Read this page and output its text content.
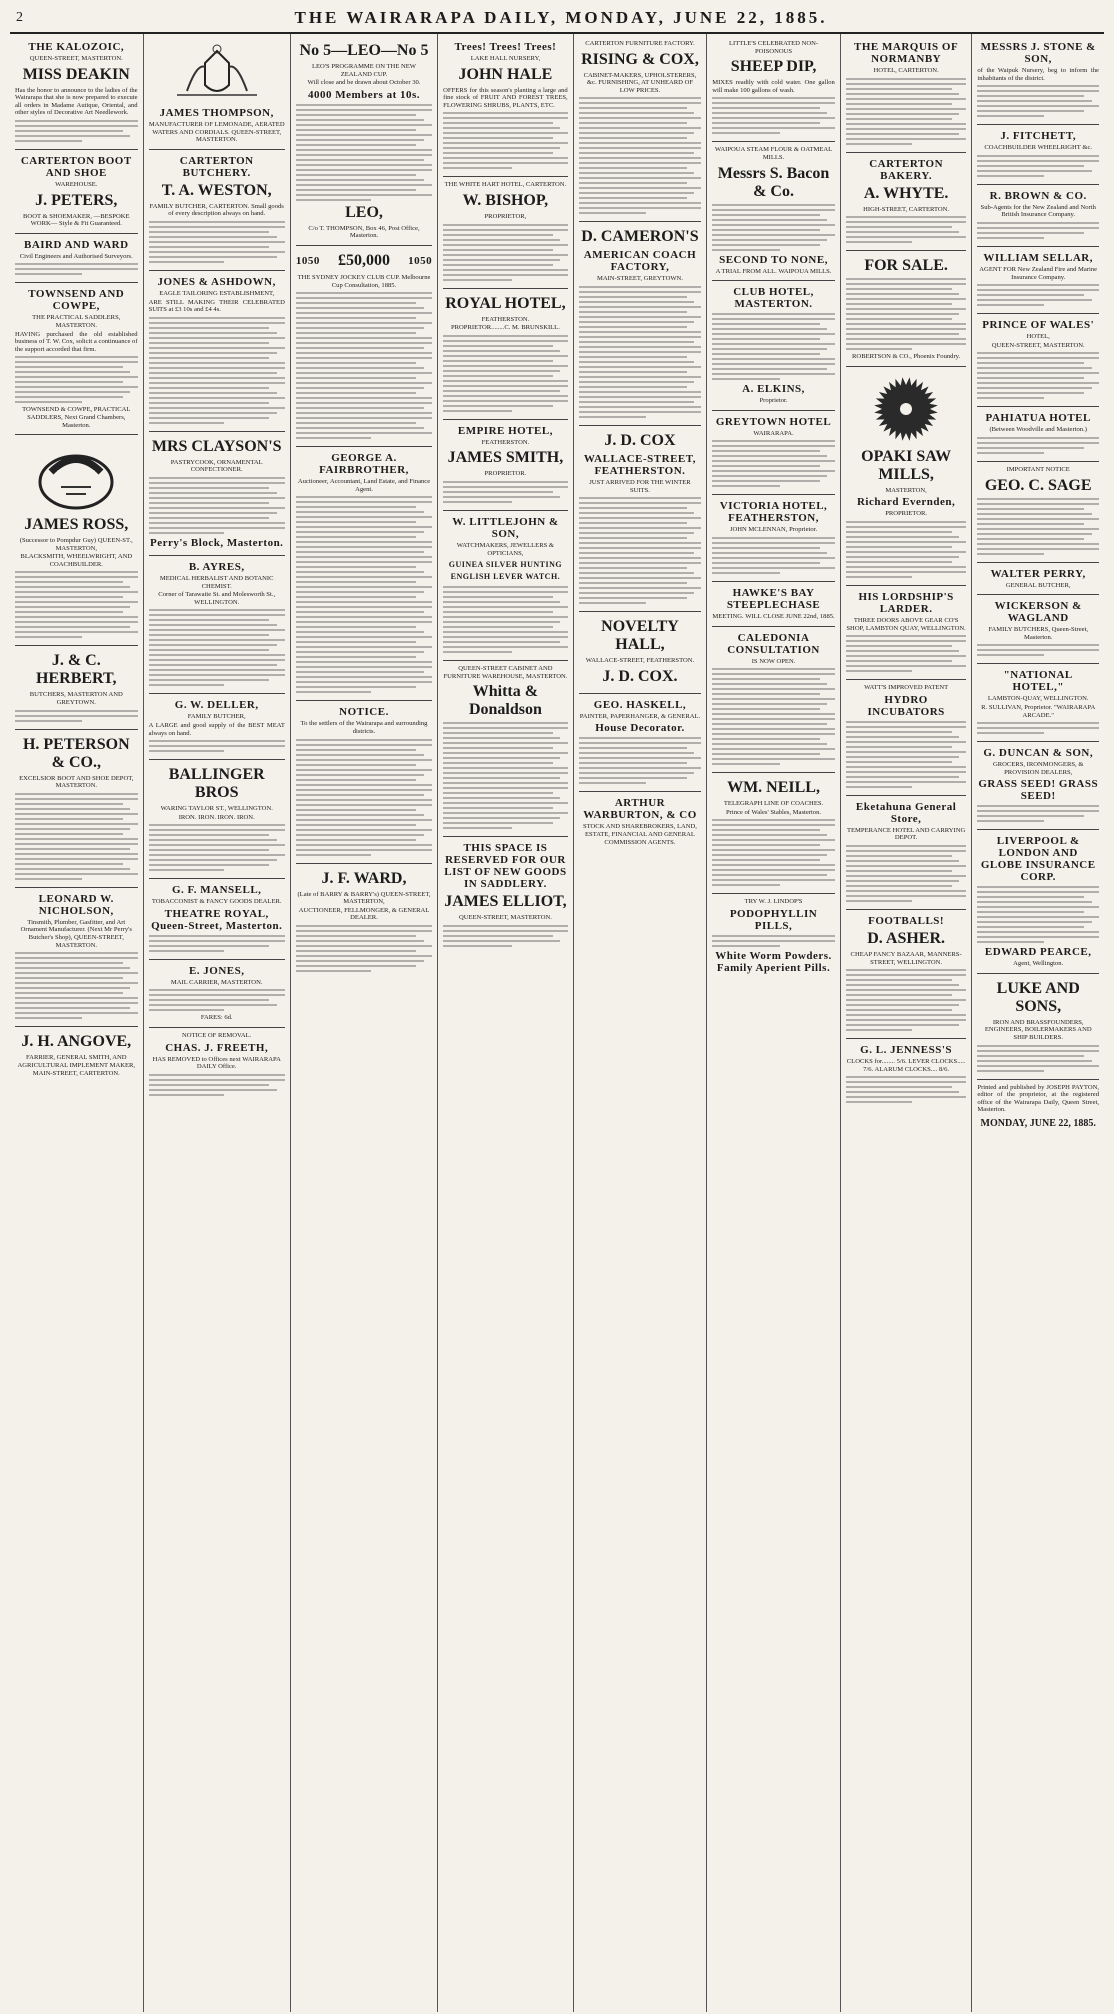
2	THE WAIRARAPA DAILY, MONDAY, JUNE 22, 1885.
THE KALOZOIC,
QUEEN-STREET, MASTERTON.
MISS DEAKIN
Has the honor to announce to the ladies of the Wairarapa that she is now prepared to execute all orders in Madame Autique, Oriental, and other styles of Decorative Art Needlework.
CARTERTON BOOT AND SHOE
WAREHOUSE.
J. PETERS,
BOOT & SHOEMAKER, —BESPOKE WORK— Style & Fit Guaranteed.
BAIRD AND WARD
Civil Engineers and Authorised Surveyors.
TOWNSEND AND COWPE,
THE PRACTICAL SADDLERS, MASTERTON.
HAVING purchased the old established business of T. W. Cox, solicit a continuance of the support accorded that firm.
TOWNSEND & COWPE, PRACTICAL SADDLERS, Next Grand Chambers, Masterton.
JAMES ROSS,
(Successor to Pompdur Guy) QUEEN-ST., MASTERTON,
BLACKSMITH, WHEELWRIGHT, AND COACHBUILDER.
J. & C. HERBERT,
BUTCHERS, MASTERTON AND GREYTOWN.
H. PETERSON & CO.,
EXCELSIOR BOOT AND SHOE DEPOT, MASTERTON.
LEONARD W. NICHOLSON,
Tinsmith, Plumber, Gasfitter, and Art Ornament Manufacturer. (Next Mr Perry's Butcher's Shop), QUEEN-STREET, MASTERTON.
J. H. ANGOVE,
FARRIER, GENERAL SMITH, AND AGRICULTURAL IMPLEMENT MAKER,
MAIN-STREET, CARTERTON.
JAMES THOMPSON,
MANUFACTURER OF LEMONADE, AERATED WATERS AND CORDIALS. QUEEN-STREET, MASTERTON.
CARTERTON BUTCHERY.
T. A. WESTON,
FAMILY BUTCHER, CARTERTON. Small goods of every description always on hand.
JONES & ASHDOWN,
EAGLE TAILORING ESTABLISHMENT,
ARE STILL MAKING THEIR CELEBRATED SUITS at £3 10s and £4 4s.
MRS CLAYSON'S
PASTRYCOOK, ORNAMENTAL CONFECTIONER.
Perry's Block, Masterton.
B. AYRES,
MEDICAL HERBALIST AND BOTANIC CHEMIST.
Corner of Tarawaite St. and Molesworth St., WELLINGTON.
G. W. DELLER,
FAMILY BUTCHER,
A LARGE and good supply of the BEST MEAT always on hand.
BALLINGER BROS
WARING TAYLOR ST., WELLINGTON.
IRON. IRON. IRON. IRON.
G. F. MANSELL,
TOBACCONIST & FANCY GOODS DEALER.
THEATRE ROYAL, Queen-Street, Masterton.
E. JONES,
MAIL CARRIER, MASTERTON.
FARES: 6d.
NOTICE OF REMOVAL.
CHAS. J. FREETH,
HAS REMOVED to Offices next WAIRARAPA DAILY Office.
No 5—LEO—No 5
LEO'S PROGRAMME ON THE NEW ZEALAND CUP.
Will close and be drawn about October 30.
4000 Members at 10s.
LEO,
C/o T. THOMPSON, Box 46, Post Office, Masterton.
1050 £50,000 1050
THE SYDNEY JOCKEY CLUB CUP. Melbourne Cup Consultation, 1885.
GEORGE A. FAIRBROTHER,
Auctioneer, Accountant, Land Estate, and Finance Agent.
NOTICE.
To the settlers of the Wairarapa and surrounding districts.
J. F. WARD,
(Late of BARRY & BARRY's) QUEEN-STREET, MASTERTON,
AUCTIONEER, FELLMONGER, & GENERAL DEALER.
Trees! Trees! Trees!
LAKE HALL NURSERY,
JOHN HALE
OFFERS for this season's planting a large and fine stock of FRUIT AND FOREST TREES, FLOWERING SHRUBS, PLANTS, ETC.
THE WHITE HART HOTEL, CARTERTON.
W. BISHOP,
PROPRIETOR,
ROYAL HOTEL,
FEATHERSTON.
PROPRIETOR........C. M. BRUNSKILL.
EMPIRE HOTEL,
FEATHERSTON.
JAMES SMITH,
PROPRIETOR.
W. LITTLEJOHN & SON,
WATCHMAKERS, JEWELLERS & OPTICIANS,
GUINEA SILVER HUNTING ENGLISH LEVER WATCH.
QUEEN-STREET CABINET AND FURNITURE WAREHOUSE, MASTERTON.
Whitta & Donaldson
THIS SPACE IS RESERVED FOR OUR LIST OF NEW GOODS IN SADDLERY.
JAMES ELLIOT,
QUEEN-STREET, MASTERTON.
CARTERTON FURNITURE FACTORY.
RISING & COX,
CABINET-MAKERS, UPHOLSTERERS, &c. FURNISHING, AT UNHEARD OF LOW PRICES.
D. CAMERON'S
AMERICAN COACH FACTORY,
MAIN-STREET, GREYTOWN.
J. D. COX
WALLACE-STREET, FEATHERSTON.
JUST ARRIVED FOR THE WINTER SUITS.
NOVELTY HALL,
WALLACE-STREET, FEATHERSTON.
J. D. COX.
GEO. HASKELL,
PAINTER, PAPERHANGER, & GENERAL.
House Decorator.
ARTHUR WARBURTON, & CO
STOCK AND SHAREBROKERS, LAND, ESTATE, FINANCIAL AND GENERAL COMMISSION AGENTS.
LITTLE'S CELEBRATED NON-POISONOUS
SHEEP DIP,
MIXES readily with cold water. One gallon will make 100 gallons of wash.
WAIPOUA STEAM FLOUR & OATMEAL MILLS.
Messrs S. Bacon & Co.
SECOND TO NONE,
A TRIAL FROM ALL. WAIPOUA MILLS.
CLUB HOTEL, MASTERTON.
A. ELKINS,
Proprietor.
GREYTOWN HOTEL
WAIRARAPA.
VICTORIA HOTEL, FEATHERSTON,
JOHN MCLENNAN, Proprietor.
HAWKE'S BAY STEEPLECHASE
MEETING. WILL CLOSE JUNE 22nd, 1885.
CALEDONIA CONSULTATION
IS NOW OPEN.
WM. NEILL,
TELEGRAPH LINE OF COACHES.
Prince of Wales' Stables, Masterton.
TRY W. J. LINDOP'S
PODOPHYLLIN PILLS,
White Worm Powders. Family Aperient Pills.
THE MARQUIS OF NORMANBY
HOTEL, CARTERTON.
CARTERTON BAKERY.
A. WHYTE.
HIGH-STREET, CARTERTON.
FOR SALE.
ROBERTSON & CO., Phoenix Foundry.
OPAKI SAW MILLS,
MASTERTON,
Richard Evernden,
PROPRIETOR.
HIS LORDSHIP'S LARDER.
THREE DOORS ABOVE GEAR CO'S SHOP, LAMBTON QUAY, WELLINGTON.
WATT'S IMPROVED PATENT
HYDRO INCUBATORS
Eketahuna General Store,
TEMPERANCE HOTEL AND CARRYING DEPOT.
FOOTBALLS!
D. ASHER.
CHEAP FANCY BAZAAR, MANNERS-STREET, WELLINGTON.
G. L. JENNESS'S
CLOCKS for........ 5/6. LEVER CLOCKS..... 7/6. ALARUM CLOCKS.... 8/6.
MESSRS J. STONE & SON,
of the Waipuk Nursery, beg to inform the inhabitants of the district.
J. FITCHETT,
COACHBUILDER WHEELRIGHT &c.
R. BROWN & CO.
Sub-Agents for the New Zealand and North British Insurance Company.
WILLIAM SELLAR,
AGENT FOR New Zealand Fire and Marine Insurance Company.
PRINCE OF WALES'
HOTEL,
QUEEN-STREET, MASTERTON.
PAHIATUA HOTEL
(Between Woodville and Masterton.)
IMPORTANT NOTICE
GEO. C. SAGE
WALTER PERRY,
GENERAL BUTCHER,
WICKERSON & WAGLAND
FAMILY BUTCHERS, Queen-Street, Masterton.
"NATIONAL HOTEL,"
LAMBTON-QUAY, WELLINGTON.
R. SULLIVAN, Proprietor. "WAIRARAPA ARCADE."
G. DUNCAN & SON,
GROCERS, IRONMONGERS, & PROVISION DEALERS,
GRASS SEED! GRASS SEED!
LIVERPOOL & LONDON AND GLOBE INSURANCE CORP.
EDWARD PEARCE,
Agent, Wellington.
LUKE AND SONS,
IRON AND BRASSFOUNDERS, ENGINEERS, BOILERMAKERS AND SHIP BUILDERS.
Printed and published by JOSEPH PAYTON, editor of the proprietor, at the registered office of the Wairarapa Daily, Queen Street, Masterton.
MONDAY, JUNE 22, 1885.
